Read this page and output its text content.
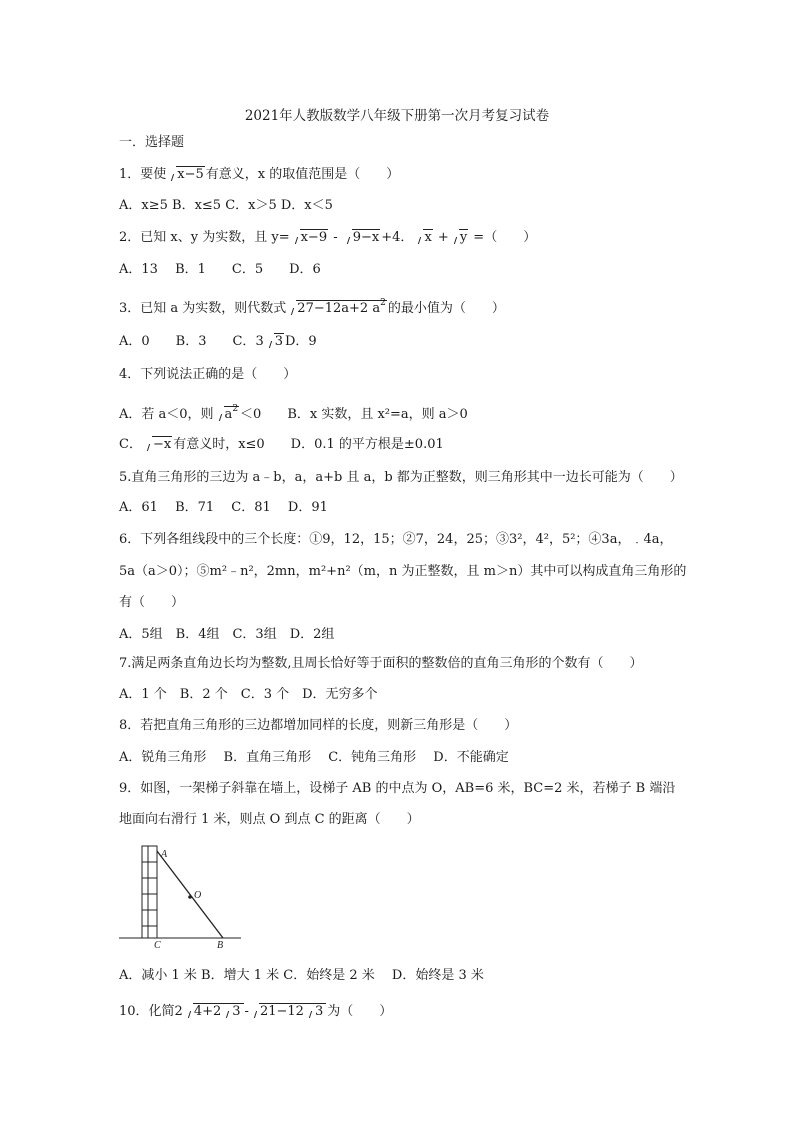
2021年人教版数学八年级下册第一次月考复习试卷
一．选择题
1．要使 x−5 有意义，x 的取值范围是（　　）
A．x≥5 B．x≤5 C．x＞5 D．x＜5
2．已知 x、y 为实数，且 y= x−9 - 9−x +4． x + y =（　　）
A．13　 B．1　　C．5　　D．6
3．已知 a 为实数，则代数式 27−12a+2 $a^2$ 的最小值为（　　）
A．0　　B．3　　C．3 3 D．9
4．下列说法正确的是（　　）
A．若 a＜0，则 $a^2 <0$　　B．x 实数，且 x²=a，则 a＞0
C． −x 有意义时，x≤0　　D．0.1 的平方根是±0.01
5.直角三角形的三边为 a﹣b，a，a+b 且 a，b 都为正整数，则三角形其中一边长可能为（　　）
A．61　 B．71　 C．81　 D．91
6．下列各组线段中的三个长度：①9，12，15；②7，24，25；③3²，4²，5²；④3a，﹒4a，
5a（a＞0）；⑤m²﹣n²，2mn，m²+n²（m，n 为正整数，且 m＞n）其中可以构成直角三角形的
有（　　）
A．5组　B．4组　C．3组　D．2组
7.满足两条直角边长均为整数,且周长恰好等于面积的整数倍的直角三角形的个数有（　　）
A．1 个　B．2 个　C．3 个　D．无穷多个
8．若把直角三角形的三边都增加同样的长度，则新三角形是（　　）
A．锐角三角形　 B．直角三角形　 C．钝角三角形　 D．不能确定
9．如图，一架梯子斜靠在墙上，设梯子 AB 的中点为 O，AB=6 米，BC=2 米，若梯子 B 端沿
地面向右滑行 1 米，则点 O 到点 C 的距离（　　）
A
O
C	B
A．减小 1 米 B．增大 1 米 C．始终是 2 米　 D．始终是 3 米
10．化简2 4+2 3 - 21−12 3 为（　　）
